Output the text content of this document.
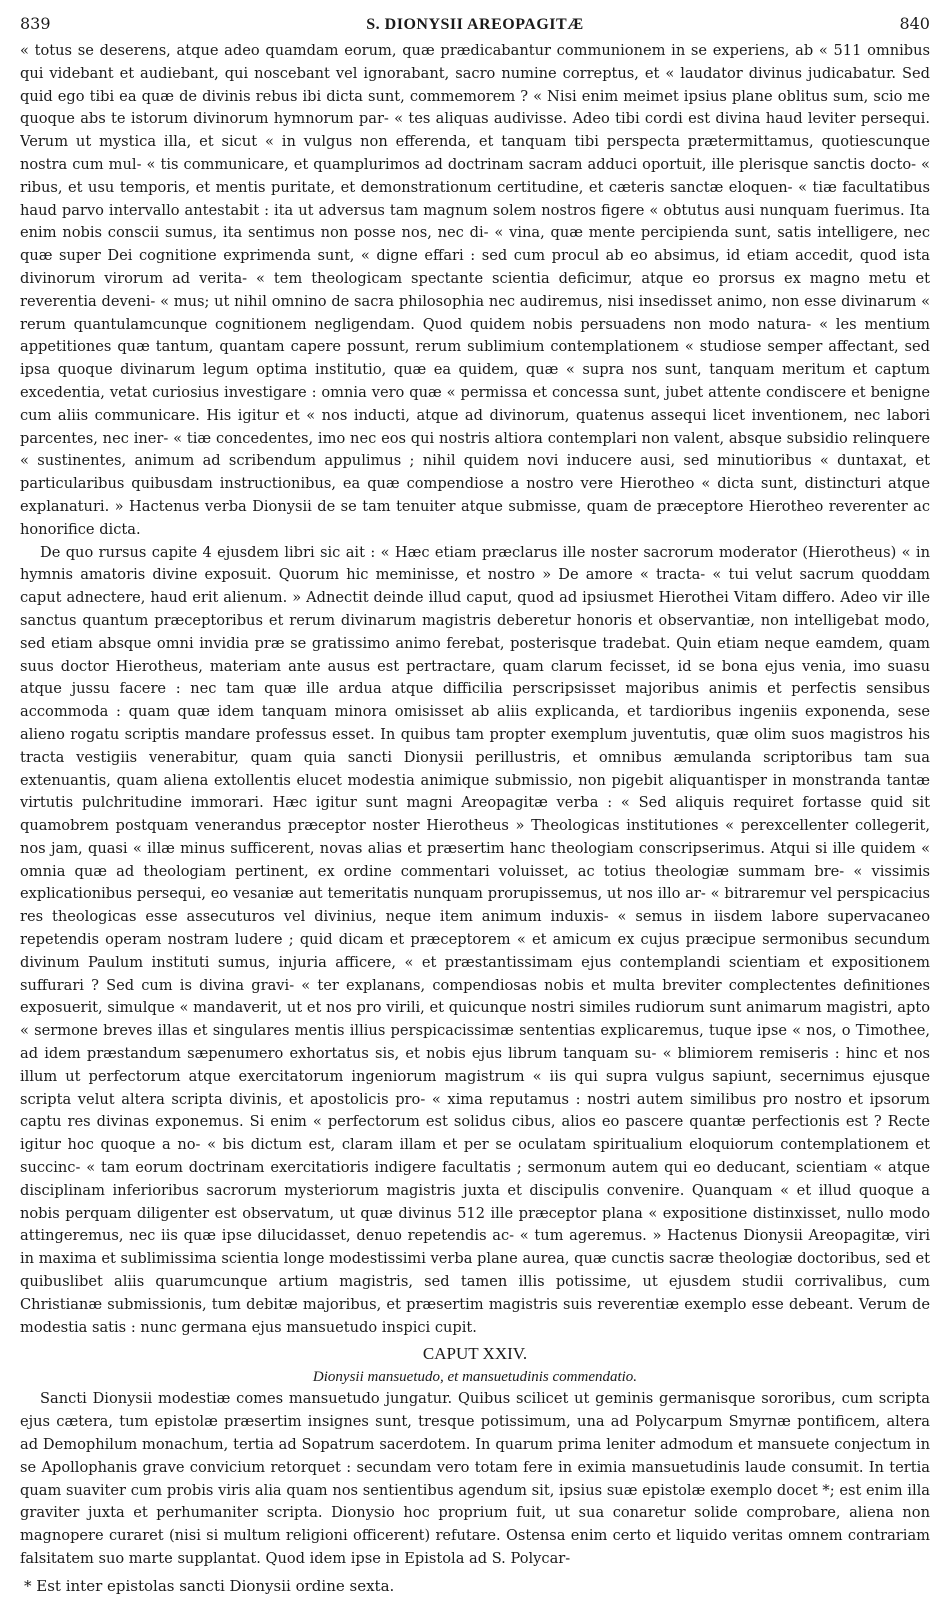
839	S. DIONYSII AREOPAGITÆ	840
« totus se deserens, atque adeo quamdam eorum, quæ prædicabantur communionem in se experiens, ab « 511 omnibus qui videbant et audiebant, qui noscebant vel ignorabant, sacro numine correptus, et « laudator divinus judicabatur. Sed quid ego tibi ea quæ de divinis rebus ibi dicta sunt, commemorem ? « Nisi enim meimet ipsius plane oblitus sum, scio me quoque abs te istorum divinorum hymnorum par- « tes aliquas audivisse. Adeo tibi cordi est divina haud leviter persequi. Verum ut mystica illa, et sicut « in vulgus non efferenda, et tanquam tibi perspecta prætermittamus, quotiescunque nostra cum mul- « tis communicare, et quamplurimos ad doctrinam sacram adduci oportuit, ille plerisque sanctis docto- « ribus, et usu temporis, et mentis puritate, et demonstrationum certitudine, et cæteris sanctæ eloquen- « tiæ facultatibus haud parvo intervallo antestabit : ita ut adversus tam magnum solem nostros figere « obtutus ausi nunquam fuerimus. Ita enim nobis conscii sumus, ita sentimus non posse nos, nec di- « vina, quæ mente percipienda sunt, satis intelligere, nec quæ super Dei cognitione exprimenda sunt, « digne effari : sed cum procul ab eo absimus, id etiam accedit, quod ista divinorum virorum ad verita- « tem theologicam spectante scientia deficimur, atque eo prorsus ex magno metu et reverentia deveni- « mus; ut nihil omnino de sacra philosophia nec audiremus, nisi insedisset animo, non esse divinarum « rerum quantulamcunque cognitionem negligendam. Quod quidem nobis persuadens non modo natura- « les mentium appetitiones quæ tantum, quantam capere possunt, rerum sublimium contemplationem « studiose semper affectant, sed ipsa quoque divinarum legum optima institutio, quæ ea quidem, quæ « supra nos sunt, tanquam meritum et captum excedentia, vetat curiosius investigare : omnia vero quæ « permissa et concessa sunt, jubet attente condiscere et benigne cum aliis communicare. His igitur et « nos inducti, atque ad divinorum, quatenus assequi licet inventionem, nec labori parcentes, nec iner- « tiæ concedentes, imo nec eos qui nostris altiora contemplari non valent, absque subsidio relinquere « sustinentes, animum ad scribendum appulimus ; nihil quidem novi inducere ausi, sed minutioribus « duntaxat, et particularibus quibusdam instructionibus, ea quæ compendiose a nostro vere Hierotheo « dicta sunt, distincturi atque explanaturi. » Hactenus verba Dionysii de se tam tenuiter atque submisse, quam de præceptore Hierotheo reverenter ac honorifice dicta.
De quo rursus capite 4 ejusdem libri sic ait : « Hæc etiam præclarus ille noster sacrorum moderator (Hierotheus) « in hymnis amatoris divine exposuit. Quorum hic meminisse, et nostro » De amore « tracta- « tui velut sacrum quoddam caput adnectere, haud erit alienum. » Adnectit deinde illud caput, quod ad ipsiusmet Hierothei Vitam differo. Adeo vir ille sanctus quantum præceptoribus et rerum divinarum magistris deberetur honoris et observantiæ, non intelligebat modo, sed etiam absque omni invidia præ se gratissimo animo ferebat, posterisque tradebat. Quin etiam neque eamdem, quam suus doctor Hierotheus, materiam ante ausus est pertractare, quam clarum fecisset, id se bona ejus venia, imo suasu atque jussu facere : nec tam quæ ille ardua atque difficilia perscripsisset majoribus animis et perfectis sensibus accommoda : quam quæ idem tanquam minora omisisset ab aliis explicanda, et tardioribus ingeniis exponenda, sese alieno rogatu scriptis mandare professus esset. In quibus tam propter exemplum juventutis, quæ olim suos magistros his tracta vestigiis venerabitur, quam quia sancti Dionysii perillustris, et omnibus æmulanda scriptoribus tam sua extenuantis, quam aliena extollentis elucet modestia animique submissio, non pigebit aliquantisper in monstranda tantæ virtutis pulchritudine immorari. Hæc igitur sunt magni Areopagitæ verba : « Sed aliquis requiret fortasse quid sit quamobrem postquam venerandus præceptor noster Hierotheus » Theologicas institutiones « perexcellenter collegerit, nos jam, quasi « illæ minus sufficerent, novas alias et præsertim hanc theologiam conscripserimus. Atqui si ille quidem « omnia quæ ad theologiam pertinent, ex ordine commentari voluisset, ac totius theologiæ summam bre- « vissimis explicationibus persequi, eo vesaniæ aut temeritatis nunquam prorupissemus, ut nos illo ar- « bitraremur vel perspicacius res theologicas esse assecuturos vel divinius, neque item animum induxis- « semus in iisdem labore supervacaneo repetendis operam nostram ludere ; quid dicam et præceptorem « et amicum ex cujus præcipue sermonibus secundum divinum Paulum instituti sumus, injuria afficere, « et præstantissimam ejus contemplandi scientiam et expositionem suffurari ? Sed cum is divina gravi- « ter explanans, compendiosas nobis et multa breviter complectentes definitiones exposuerit, simulque « mandaverit, ut et nos pro virili, et quicunque nostri similes rudiorum sunt animarum magistri, apto « sermone breves illas et singulares mentis illius perspicacissimæ sententias explicaremus, tuque ipse « nos, o Timothee, ad idem præstandum sæpenumero exhortatus sis, et nobis ejus librum tanquam su- « blimiorem remiseris : hinc et nos illum ut perfectorum atque exercitatorum ingeniorum magistrum « iis qui supra vulgus sapiunt, secernimus ejusque scripta velut altera scripta divinis, et apostolicis pro- « xima reputamus : nostri autem similibus pro nostro et ipsorum captu res divinas exponemus. Si enim « perfectorum est solidus cibus, alios eo pascere quantæ perfectionis est ? Recte igitur hoc quoque a no- « bis dictum est, claram illam et per se oculatam spiritualium eloquiorum contemplationem et succinc- « tam eorum doctrinam exercitatioris indigere facultatis ; sermonum autem qui eo deducant, scientiam « atque disciplinam inferioribus sacrorum mysteriorum magistris juxta et discipulis convenire. Quanquam « et illud quoque a nobis perquam diligenter est observatum, ut quæ divinus 512 ille præceptor plana « expositione distinxisset, nullo modo attingeremus, nec iis quæ ipse dilucidasset, denuo repetendis ac- « tum ageremus. » Hactenus Dionysii Areopagitæ, viri in maxima et sublimissima scientia longe modestissimi verba plane aurea, quæ cunctis sacræ theologiæ doctoribus, sed et quibuslibet aliis quarumcunque artium magistris, sed tamen illis potissime, ut ejusdem studii corrivalibus, cum Christianæ submissionis, tum debitæ majoribus, et præsertim magistris suis reverentiæ exemplo esse debeant. Verum de modestia satis : nunc germana ejus mansuetudo inspici cupit.
CAPUT XXIV.
Dionysii mansuetudo, et mansuetudinis commendatio.
Sancti Dionysii modestiæ comes mansuetudo jungatur. Quibus scilicet ut geminis germanisque sororibus, cum scripta ejus cætera, tum epistolæ præsertim insignes sunt, tresque potissimum, una ad Polycarpum Smyrnæ pontificem, altera ad Demophilum monachum, tertia ad Sopatrum sacerdotem. In quarum prima leniter admodum et mansuete conjectum in se Apollophanis grave convicium retorquet : secundam vero totam fere in eximia mansuetudinis laude consumit. In tertia quam suaviter cum probis viris alia quam nos sentientibus agendum sit, ipsius suæ epistolæ exemplo docet *; est enim illa graviter juxta et perhumaniter scripta. Dionysio hoc proprium fuit, ut sua conaretur solide comprobare, aliena non magnopere curaret (nisi si multum religioni officerent) refutare. Ostensa enim certo et liquido veritas omnem contrariam falsitatem suo marte supplantat. Quod idem ipse in Epistola ad S. Polycar-
* Est inter epistolas sancti Dionysii ordine sexta.
